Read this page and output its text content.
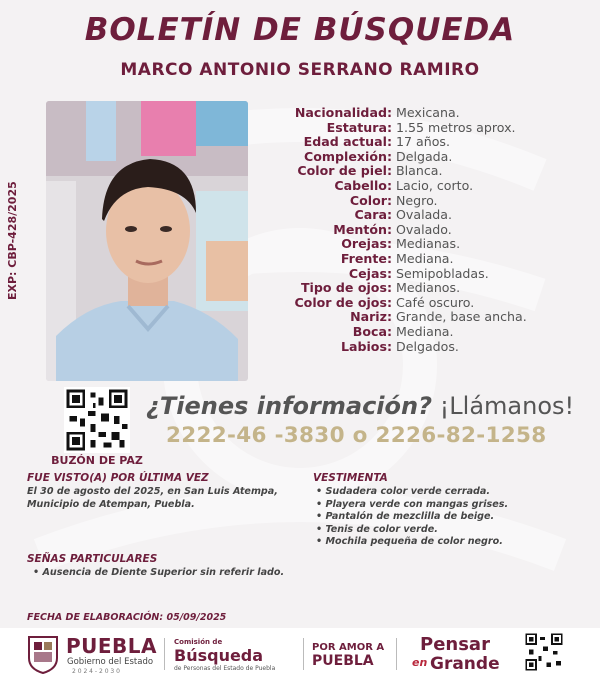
BOLETÍN DE BÚSQUEDA
MARCO ANTONIO SERRANO RAMIRO
EXP: CBP-428/2025
Nacionalidad: Mexicana.
Estatura: 1.55 metros aprox.
Edad actual: 17 años.
Complexión: Delgada.
Color de piel: Blanca.
Cabello: Lacio, corto.
Color: Negro.
Cara: Ovalada.
Mentón: Ovalado.
Orejas: Medianas.
Frente: Mediana.
Cejas: Semipobladas.
Tipo de ojos: Medianos.
Color de ojos: Café oscuro.
Nariz: Grande, base ancha.
Boca: Mediana.
Labios: Delgados.
BUZÓN DE PAZ
¿Tienes información? ¡Llámanos!
2222-46 -3830 o 2226-82-1258
FUE VISTO(A) POR ÚLTIMA VEZ
El 30 de agosto del 2025, en San Luis Atempa,
Municipio de Atempan, Puebla.
VESTIMENTA
• Sudadera color verde cerrada.
• Playera verde con mangas grises.
• Pantalón de mezclilla de beige.
• Tenis de color verde.
• Mochila pequeña de color negro.
SEÑAS PARTICULARES
• Ausencia de Diente Superior sin referir lado.
FECHA DE ELABORACIÓN: 05/09/2025
PUEBLA
Gobierno del Estado
2 0 2 4 - 2 0 3 0
Comisión de
Búsqueda
de Personas del Estado de Puebla
POR AMOR A
PUEBLA
Pensar
en Grande
